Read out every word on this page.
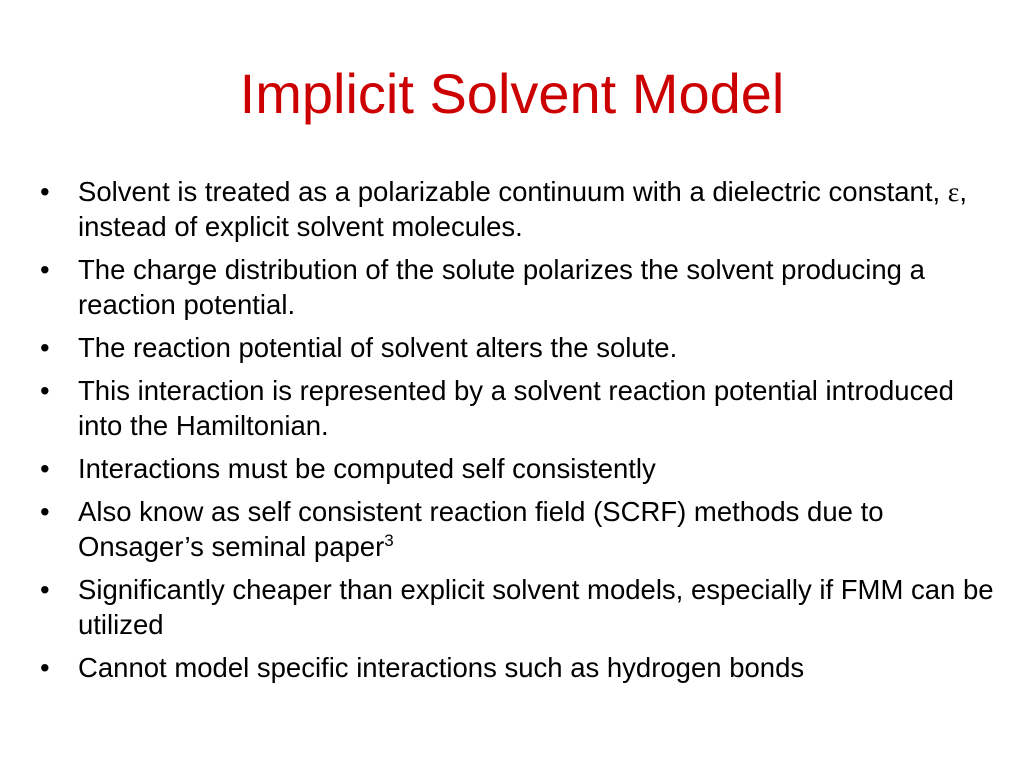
Implicit Solvent Model
•	Solvent is treated as a polarizable continuum with a dielectric constant, ε, instead of explicit solvent molecules.
•	The charge distribution of the solute polarizes the solvent producing a reaction potential.
•	The reaction potential of solvent alters the solute.
•	This interaction is represented by a solvent reaction potential introduced into the Hamiltonian.
•	Interactions must be computed self consistently
•	Also know as self consistent reaction field (SCRF) methods due to Onsager’s seminal paper$^3$
•	Significantly cheaper than explicit solvent models, especially if FMM can be utilized
•	Cannot model specific interactions such as hydrogen bonds
